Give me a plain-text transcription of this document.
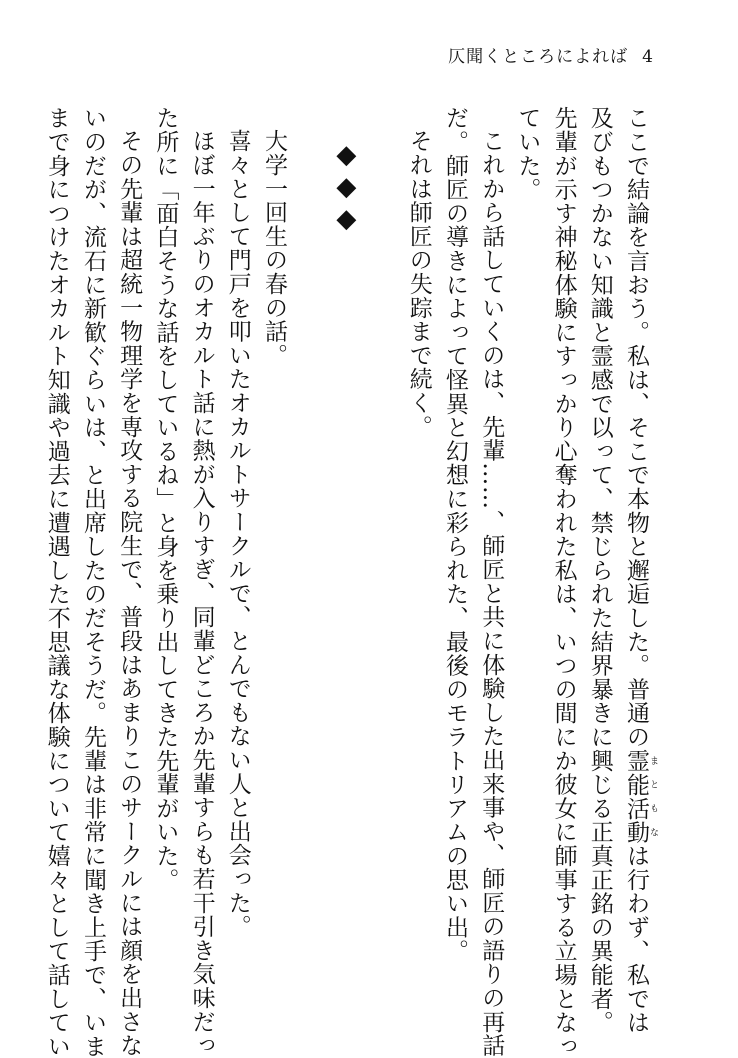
仄聞くところによれば 4
ここで結論を言おう。私は、そこで本物と邂逅した。普通の霊能活動 まともなは行わず、私では
及びもつかない知識と霊感で以って、禁じられた結界暴きに興じる正真正銘の異能者。
先輩が示す神秘体験にすっかり心奪われた私は、いつの間にか彼女に師事する立場となっ
ていた。
これから話していくのは、先輩……、師匠と共に体験した出来事や、師匠の語りの再話
だ。師匠の導きによって怪異と幻想に彩られた、最後のモラトリアムの思い出。
それは師匠の失踪まで続く。

◆◆◆

大学一回生の春の話。
喜々として門戸を叩いたオカルトサークルで、とんでもない人と出会った。
ほぼ一年ぶりのオカルト話に熱が入りすぎ、同輩どころか先輩すらも若干引き気味だっ
た所に「面白そうな話をしているね」と身を乗り出してきた先輩がいた。
その先輩は超統一物理学を専攻する院生で、普段はあまりこのサークルには顔を出さな
いのだが、流石に新歓ぐらいは、と出席したのだそうだ。先輩は非常に聞き上手で、いま
まで身につけたオカルト知識や過去に遭遇した不思議な体験について嬉々として話してい
